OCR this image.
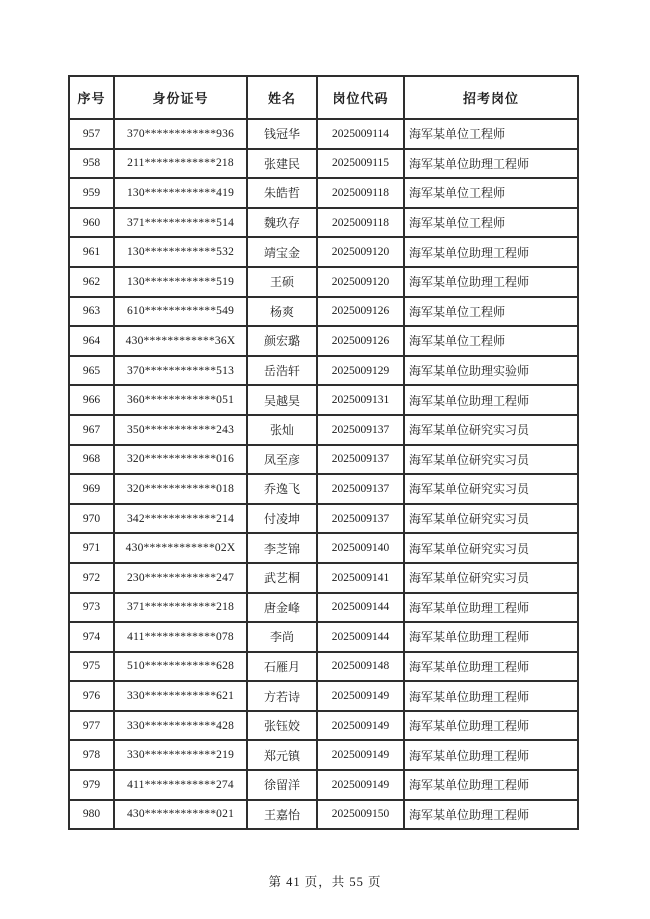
序号	身份证号	姓名	岗位代码	招考岗位
957	370************936	钱冠华	2025009114	海军某单位工程师
958	211************218	张建民	2025009115	海军某单位助理工程师
959	130************419	朱皓哲	2025009118	海军某单位工程师
960	371************514	魏玖存	2025009118	海军某单位工程师
961	130************532	靖宝金	2025009120	海军某单位助理工程师
962	130************519	王硕	2025009120	海军某单位助理工程师
963	610************549	杨爽	2025009126	海军某单位工程师
964	430************36X	颜宏璐	2025009126	海军某单位工程师
965	370************513	岳浩轩	2025009129	海军某单位助理实验师
966	360************051	吴越昊	2025009131	海军某单位助理工程师
967	350************243	张灿	2025009137	海军某单位研究实习员
968	320************016	凤至彦	2025009137	海军某单位研究实习员
969	320************018	乔逸飞	2025009137	海军某单位研究实习员
970	342************214	付凌坤	2025009137	海军某单位研究实习员
971	430************02X	李芝锦	2025009140	海军某单位研究实习员
972	230************247	武艺桐	2025009141	海军某单位研究实习员
973	371************218	唐金峰	2025009144	海军某单位助理工程师
974	411************078	李尚	2025009144	海军某单位助理工程师
975	510************628	石雁月	2025009148	海军某单位助理工程师
976	330************621	方若诗	2025009149	海军某单位助理工程师
977	330************428	张钰姣	2025009149	海军某单位助理工程师
978	330************219	郑元镇	2025009149	海军某单位助理工程师
979	411************274	徐留洋	2025009149	海军某单位助理工程师
980	430************021	王嘉怡	2025009150	海军某单位助理工程师
第 41 页，共 55 页
